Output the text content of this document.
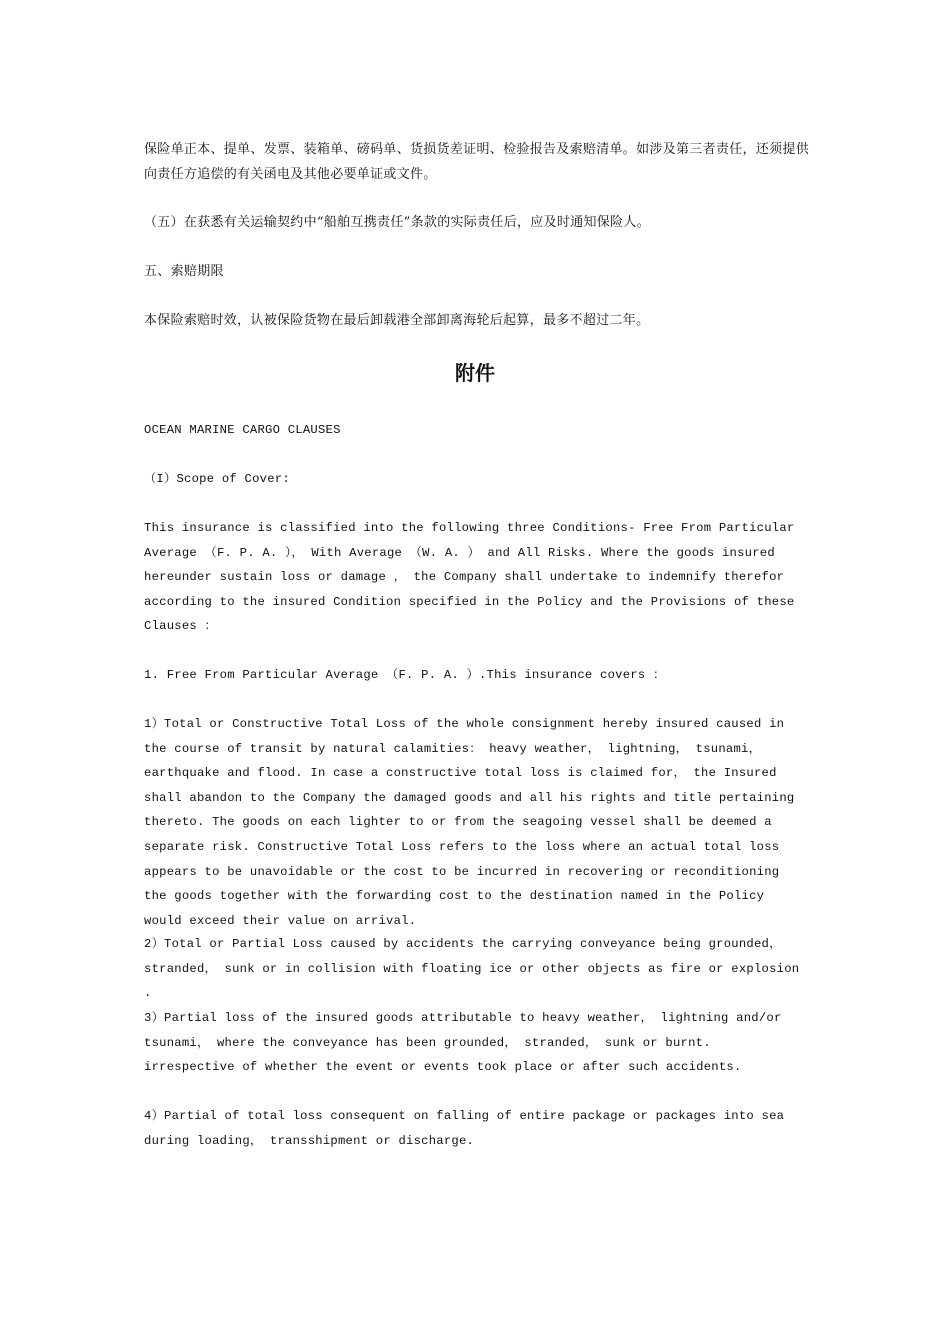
保险单正本、提单、发票、装箱单、磅码单、货损货差证明、检验报告及索赔清单。如涉及第三者责任，还须提供向责任方追偿的有关函电及其他必要单证或文件。

（五）在获悉有关运输契约中“船舶互携责任”条款的实际责任后，应及时通知保险人。

五、索赔期限

本保险索赔时效，认被保险货物在最后卸载港全部卸离海轮后起算，最多不超过二年。

附件

OCEAN MARINE CARGO CLAUSES

（I）Scope of Cover:

This insurance is classified into the following three Conditions- Free From Particular Average （F. P. A. ）， With Average （W. A. ） and All Risks. Where the goods insured hereunder sustain loss or damage ， the Company shall undertake to indemnify therefor according to the insured Condition specified in the Policy and the Provisions of these Clauses ：

1. Free From Particular Average （F. P. A. ）.This insurance covers ：

1）Total or Constructive Total Loss of the whole consignment hereby insured caused in the course of transit by natural calamities： heavy weather， lightning， tsunami， earthquake and flood. In case a constructive total loss is claimed for， the Insured shall abandon to the Company the damaged goods and all his rights and title pertaining thereto. The goods on each lighter to or from the seagoing vessel shall be deemed a separate risk. Constructive Total Loss refers to the loss where an actual total loss appears to be unavoidable or the cost to be incurred in recovering or reconditioning the goods together with the forwarding cost to the destination named in the Policy would exceed their value on arrival.

2）Total or Partial Loss caused by accidents the carrying conveyance being grounded， stranded， sunk or in collision with floating ice or other objects as fire or explosion .

3）Partial loss of the insured goods attributable to heavy weather， lightning and/or tsunami， where the conveyance has been grounded， stranded， sunk or burnt. irrespective of whether the event or events took place or after such accidents.

4）Partial of total loss consequent on falling of entire package or packages into sea during loading， transshipment or discharge.
